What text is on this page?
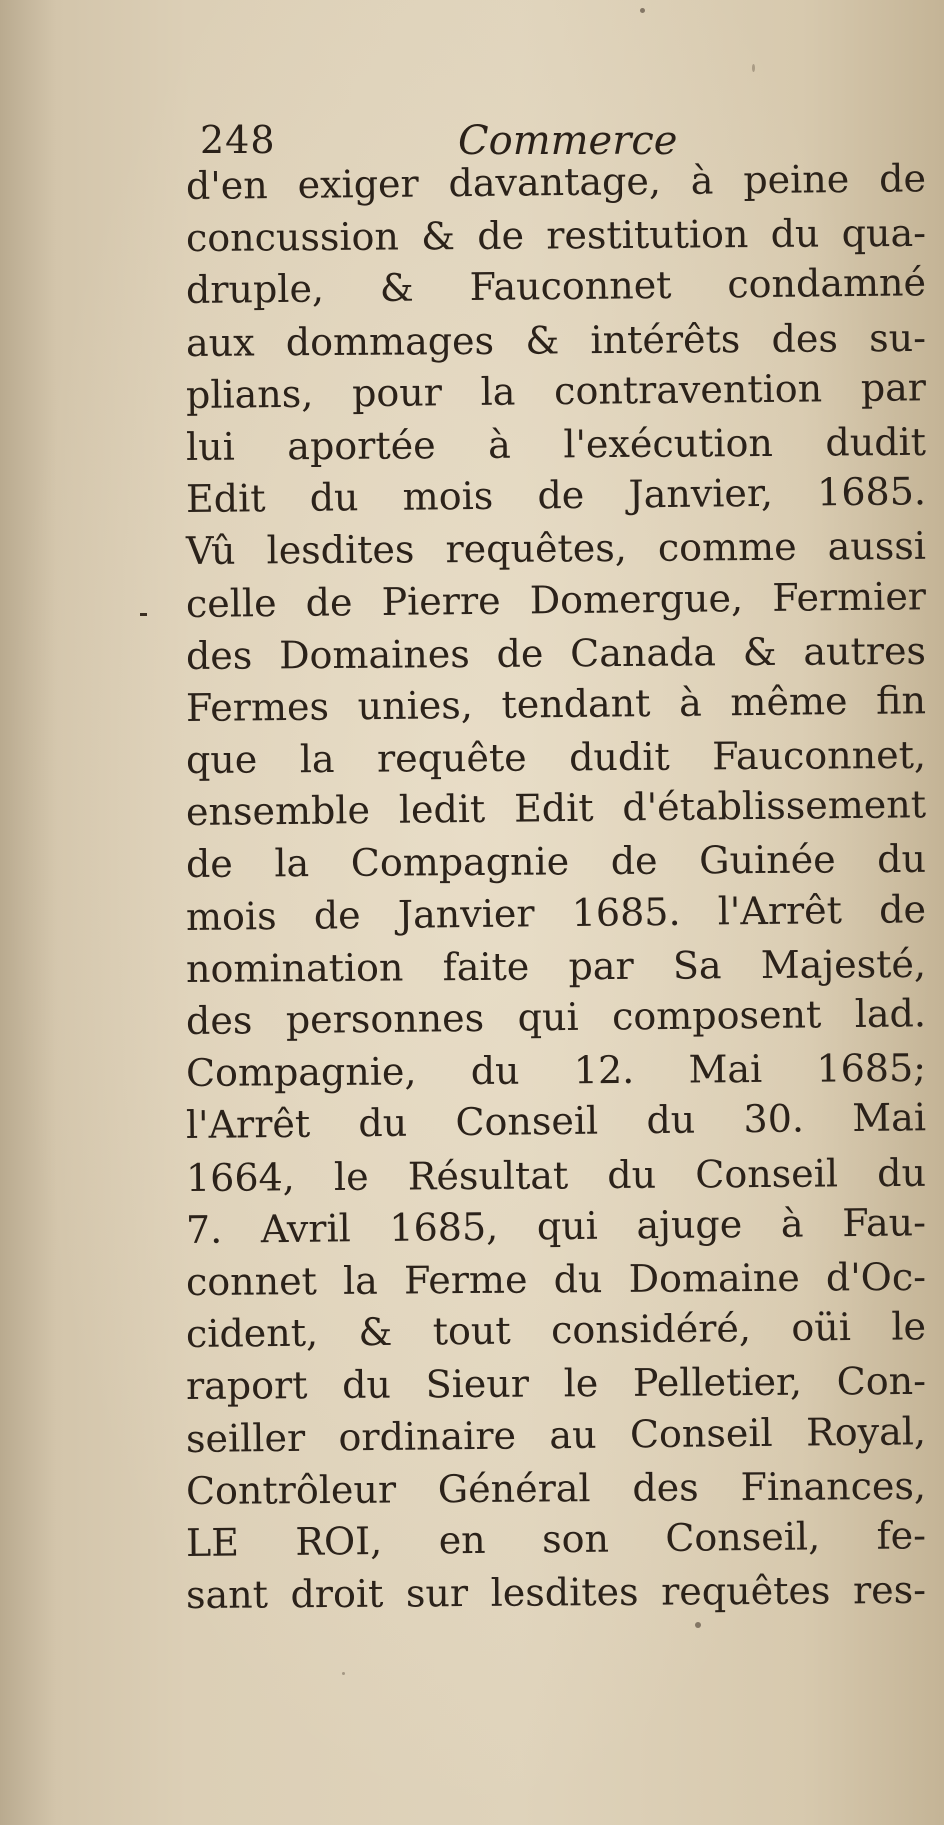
248	Commerce
d'en exiger davantage, à peine de
concussion & de restitution du qua-
druple, & Fauconnet condamné
aux dommages & intérêts des su-
plians, pour la contravention par
lui aportée à l'exécution dudit
Edit du mois de Janvier, 1685.
Vû lesdites requêtes, comme aussi
celle de Pierre Domergue, Fermier
des Domaines de Canada & autres
Fermes unies, tendant à même fin
que la requête dudit Fauconnet,
ensemble ledit Edit d'établissement
de la Compagnie de Guinée du
mois de Janvier 1685. l'Arrêt de
nomination faite par Sa Majesté,
des personnes qui composent lad.
Compagnie, du 12. Mai 1685;
l'Arrêt du Conseil du 30. Mai
1664, le Résultat du Conseil du
7. Avril 1685, qui ajuge à Fau-
connet la Ferme du Domaine d'Oc-
cident, & tout considéré, oüi le
raport du Sieur le Pelletier, Con-
seiller ordinaire au Conseil Royal,
Contrôleur Général des Finances,
LE ROI, en son Conseil, fe-
sant droit sur lesdites requêtes res-
